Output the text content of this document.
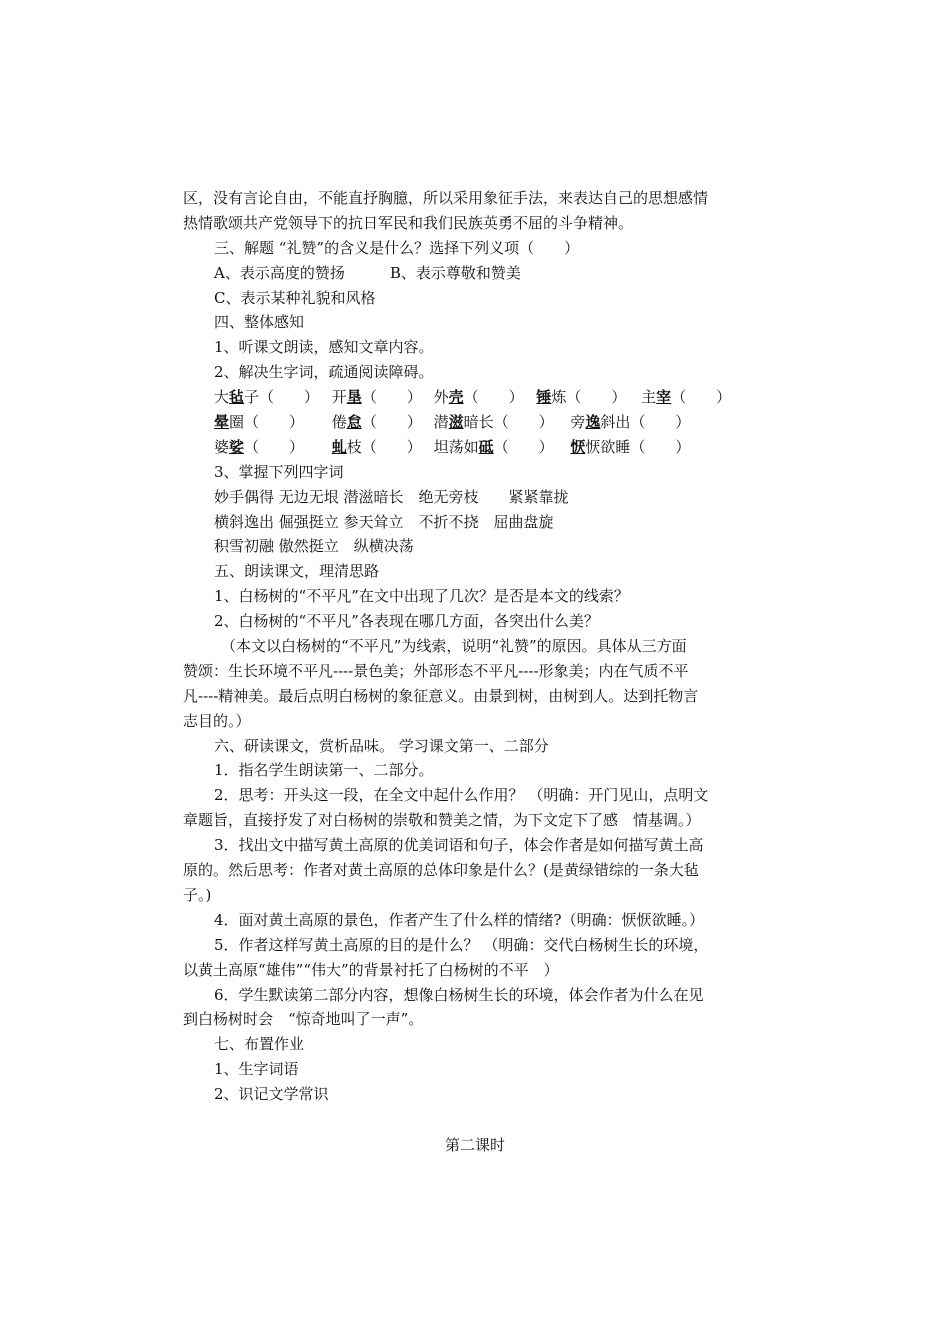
区，没有言论自由，不能直抒胸臆，所以采用象征手法，来表达自己的思想感情
热情歌颂共产党领导下的抗日军民和我们民族英勇不屈的斗争精神。
三、解题 “礼赞”的含义是什么？选择下列义项（　　）
A、表示高度的赞扬　　　B、表示尊敬和赞美
C、表示某种礼貌和风格
四、整体感知
1、听课文朗读，感知文章内容。
2、解决生字词，疏通阅读障碍。
大毡子（　　） 开垦（　　） 外壳（　　） 锤炼（　　） 主宰（　　）
晕圈（　　） 倦怠（　　） 潜滋暗长（　　） 旁逸斜出（　　）
婆娑（　　） 虬枝（　　） 坦荡如砥（　　） 恹恹欲睡（　　）
3、掌握下列四字词
妙手偶得 无边无垠 潜滋暗长　绝无旁枝　　紧紧靠拢
横斜逸出 倔强挺立 参天耸立　不折不挠　屈曲盘旋
积雪初融 傲然挺立　纵横决荡
五、朗读课文，理清思路
1、白杨树的“不平凡”在文中出现了几次？是否是本文的线索？
2、白杨树的“不平凡”各表现在哪几方面，各突出什么美？
（本文以白杨树的“不平凡”为线索，说明“礼赞”的原因。具体从三方面
赞颂：生长环境不平凡----景色美；外部形态不平凡----形象美；内在气质不平
凡----精神美。最后点明白杨树的象征意义。由景到树，由树到人。达到托物言
志目的。）
六、研读课文，赏析品味。 学习课文第一、二部分
1．指名学生朗读第一、二部分。
2．思考：开头这一段，在全文中起什么作用？ （明确：开门见山，点明文
章题旨，直接抒发了对白杨树的崇敬和赞美之情，为下文定下了感　情基调。）
3．找出文中描写黄土高原的优美词语和句子，体会作者是如何描写黄土高
原的。然后思考：作者对黄土高原的总体印象是什么？(是黄绿错综的一条大毡
子。)
4．面对黄土高原的景色，作者产生了什么样的情绪?（明确：恹恹欲睡。）
5．作者这样写黄土高原的目的是什么？ （明确：交代白杨树生长的环境，
以黄土高原“雄伟”“伟大”的背景衬托了白杨树的不平　）
6．学生默读第二部分内容，想像白杨树生长的环境，体会作者为什么在见
到白杨树时会　“惊奇地叫了一声”。
七、布置作业
1、生字词语
2、识记文学常识
第二课时
